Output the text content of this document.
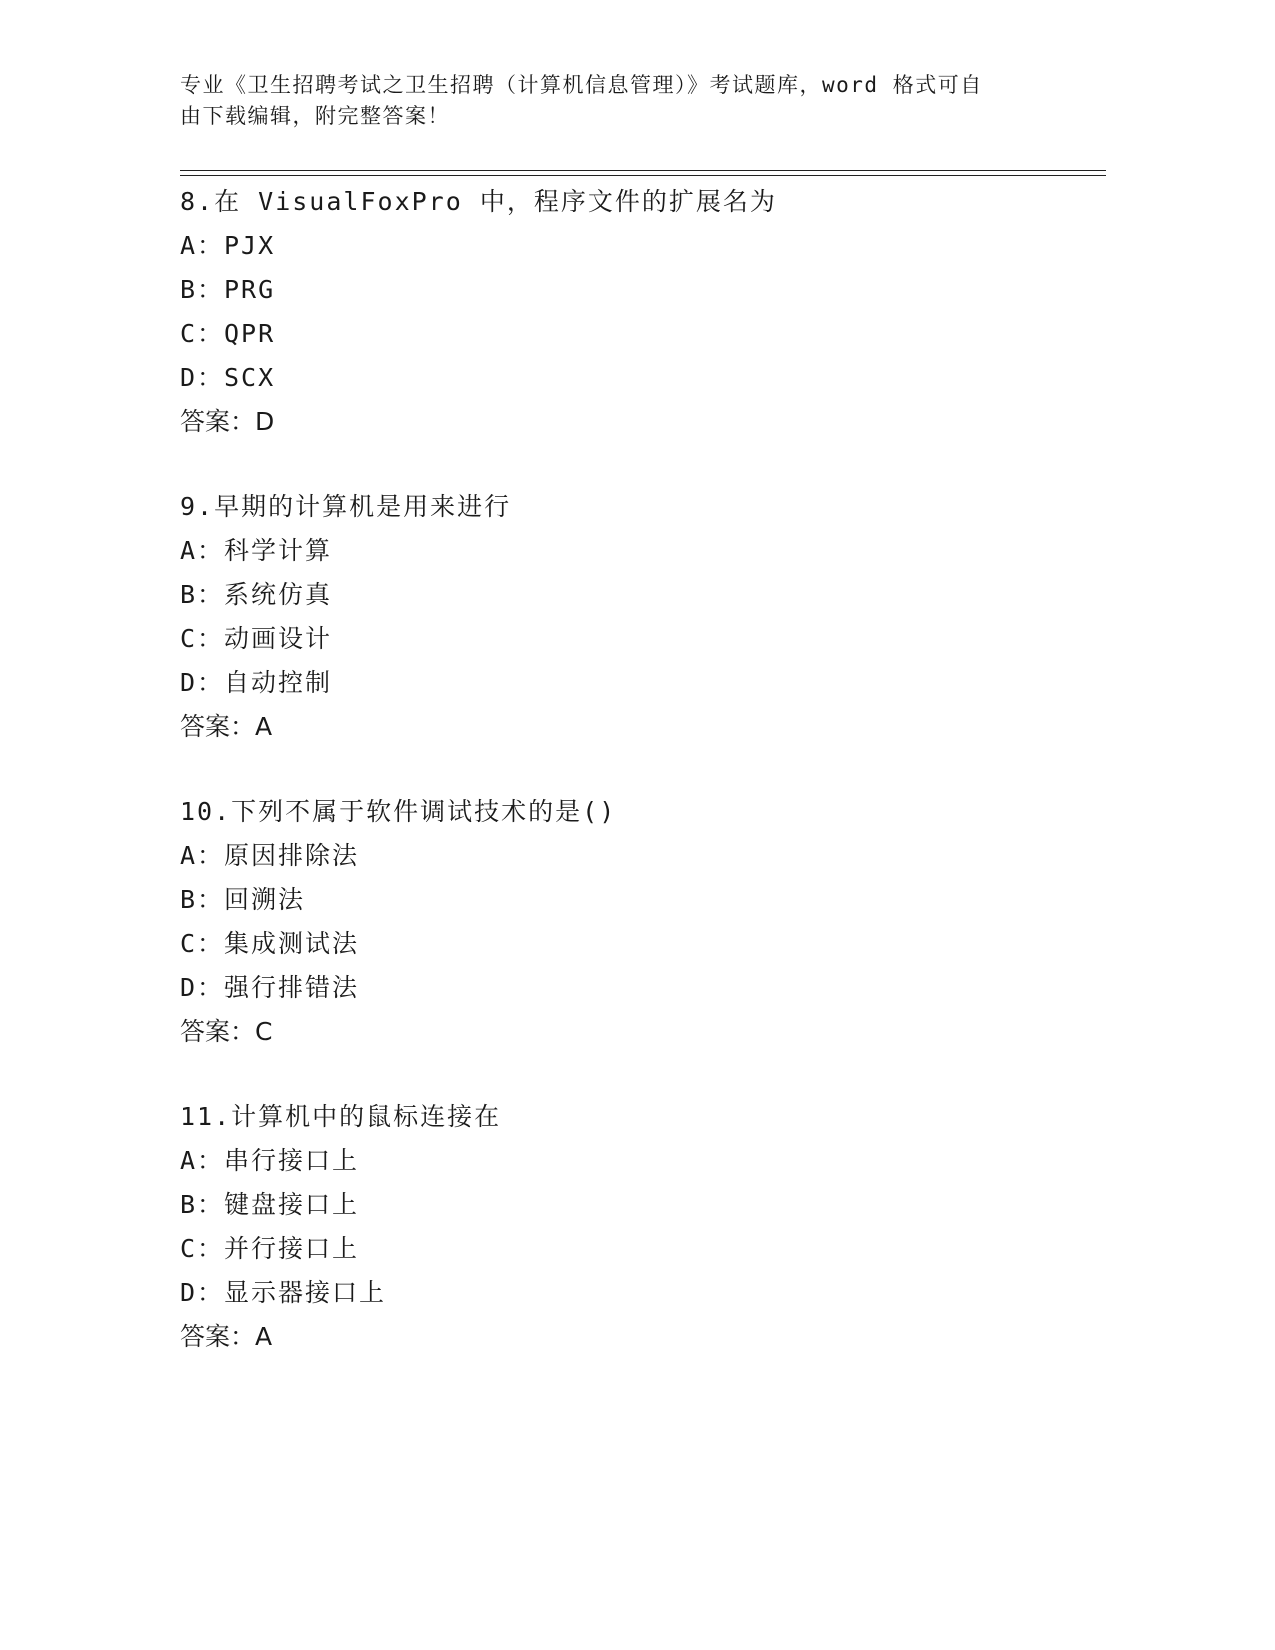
专业《卫生招聘考试之卫生招聘（计算机信息管理）》考试题库，word 格式可自
由下载编辑，附完整答案！
8.在 VisualFoxPro 中，程序文件的扩展名为
A：PJX
B：PRG
C：QPR
D：SCX
答案：D
9.早期的计算机是用来进行
A：科学计算
B：系统仿真
C：动画设计
D：自动控制
答案：A
10.下列不属于软件调试技术的是()
A：原因排除法
B：回溯法
C：集成测试法
D：强行排错法
答案：C
11.计算机中的鼠标连接在
A：串行接口上
B：键盘接口上
C：并行接口上
D：显示器接口上
答案：A
